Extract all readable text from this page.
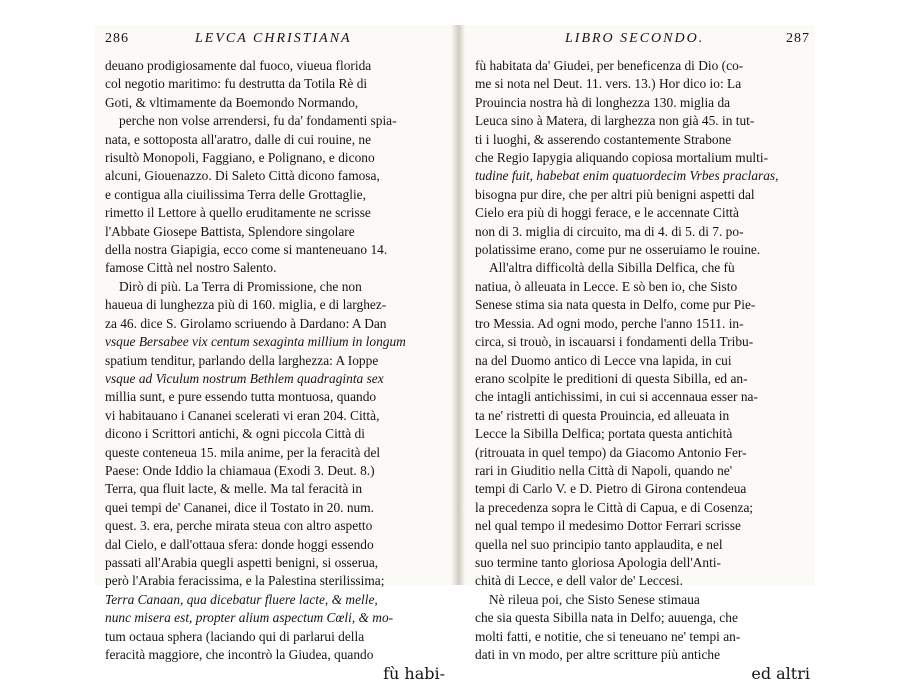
286	LEVCA CHRISTIANA
deuano prodigiosamente dal fuoco, viueua florida
col negotio maritimo: fu destrutta da Totila Rè di
Goti, & vltimamente da Boemondo Normando,
perche non volse arrendersi, fu da' fondamenti spia-
nata, e sottoposta all'aratro, dalle di cui rouine, ne
risultò Monopoli, Faggiano, e Polignano, e dicono
alcuni, Giouenazzo. Di Saleto Città dicono famosa,
e contigua alla ciuilissima Terra delle Grottaglie,
rimetto il Lettore à quello eruditamente ne scrisse
l'Abbate Giosepe Battista, Splendore singolare
della nostra Giapigia, ecco come si manteneuano 14.
famose Città nel nostro Salento.
Dirò di più. La Terra di Promissione, che non
haueua di lunghezza più di 160. miglia, e di larghez-
za 46. dice S. Girolamo scriuendo à Dardano: A Dan
vsque Bersabee vix centum sexaginta millium in longum
spatium tenditur, parlando della larghezza: A Ioppe
vsque ad Viculum nostrum Bethlem quadraginta sex
millia sunt, e pure essendo tutta montuosa, quando
vi habitauano i Cananei scelerati vi eran 204. Città,
dicono i Scrittori antichi, & ogni piccola Città di
queste conteneua 15. mila anime, per la feracità del
Paese: Onde Iddio la chiamaua (Exodi 3. Deut. 8.)
Terra, qua fluit lacte, & melle. Ma tal feracità in
quei tempi de' Cananei, dice il Tostato in 20. num.
quest. 3. era, perche mirata steua con altro aspetto
dal Cielo, e dall'ottaua sfera: donde hoggi essendo
passati all'Arabia quegli aspetti benigni, si osserua,
però l'Arabia feracissima, e la Palestina sterilissima;
Terra Canaan, qua dicebatur fluere lacte, & melle,
nunc misera est, propter alium aspectum Cœli, & mo-
tum octaua sphera (laciando qui di parlarui della
feracità maggiore, che incontrò la Giudea, quando
fù habi-
LIBRO SECONDO.	287
fù habitata da' Giudei, per beneficenza di Dio (co-
me si nota nel Deut. 11. vers. 13.) Hor dico io: La
Prouincia nostra hà di longhezza 130. miglia da
Leuca sino à Matera, di larghezza non già 45. in tut-
ti i luoghi, & asserendo costantemente Strabone
che Regio Iapygia aliquando copiosa mortalium multi-
tudine fuit, habebat enim quatuordecim Vrbes praclaras,
bisogna pur dire, che per altri più benigni aspetti dal
Cielo era più di hoggi ferace, e le accennate Città
non di 3. miglia di circuito, ma di 4. di 5. di 7. po-
polatissime erano, come pur ne osseruiamo le rouine.
All'altra difficoltà della Sibilla Delfica, che fù
natiua, ò alleuata in Lecce. E sò ben io, che Sisto
Senese stima sia nata questa in Delfo, come pur Pie-
tro Messia. Ad ogni modo, perche l'anno 1511. in-
circa, si trouò, in iscauarsi i fondamenti della Tribu-
na del Duomo antico di Lecce vna lapida, in cui
erano scolpite le preditioni di questa Sibilla, ed an-
che intagli antichissimi, in cui si accennaua esser na-
ta ne' ristretti di questa Prouincia, ed alleuata in
Lecce la Sibilla Delfica; portata questa antichità
(ritrouata in quel tempo) da Giacomo Antonio Fer-
rari in Giuditio nella Città di Napoli, quando ne'
tempi di Carlo V. e D. Pietro di Girona contendeua
la precedenza sopra le Città di Capua, e di Cosenza;
nel qual tempo il medesimo Dottor Ferrari scrisse
quella nel suo principio tanto applaudita, e nel
suo termine tanto gloriosa Apologia dell'Anti-
chità di Lecce, e dell valor de' Leccesi.
Nè rileua poi, che Sisto Senese stimaua
che sia questa Sibilla nata in Delfo; auuenga, che
molti fatti, e notitie, che si teneuano ne' tempi an-
dati in vn modo, per altre scritture più antiche
ed altri
